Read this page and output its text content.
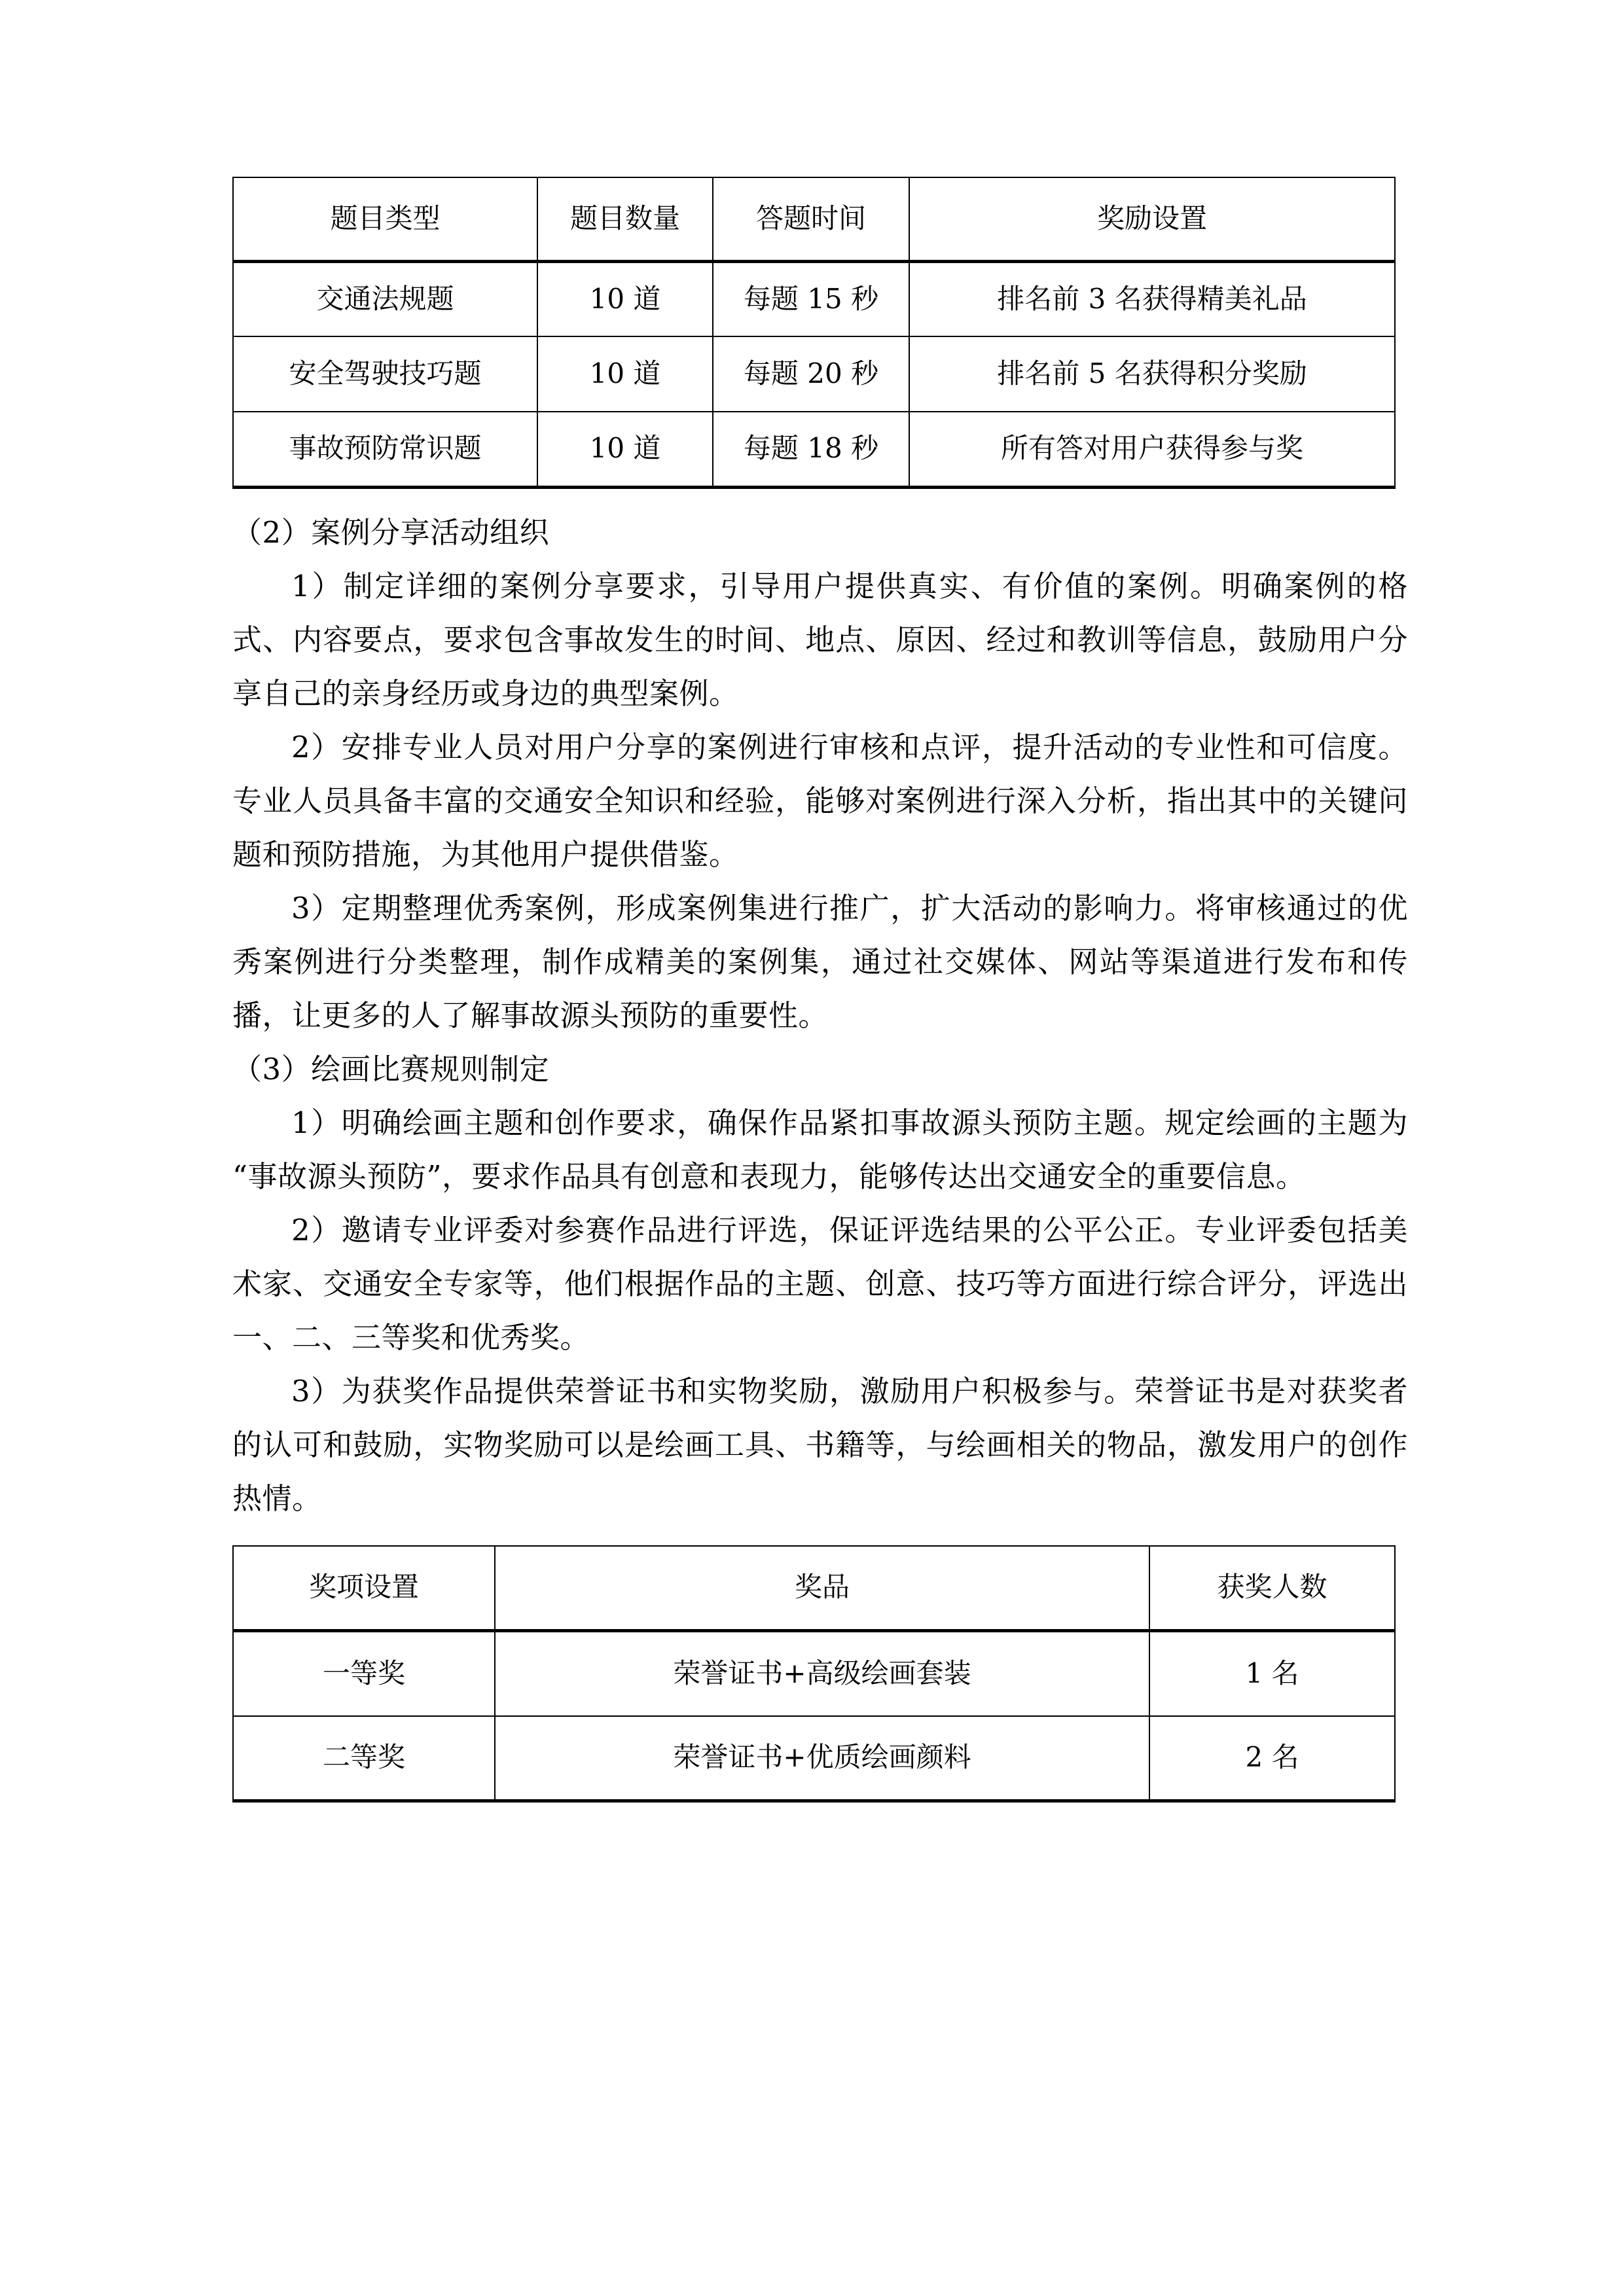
题目类型	题目数量	答题时间	奖励设置
交通法规题	10 道	每题 15 秒	排名前 3 名获得精美礼品
安全驾驶技巧题	10 道	每题 20 秒	排名前 5 名获得积分奖励
事故预防常识题	10 道	每题 18 秒	所有答对用户获得参与奖

（2）案例分享活动组织

1）制定详细的案例分享要求，引导用户提供真实、有价值的案例。明确案例的格式、内容要点，要求包含事故发生的时间、地点、原因、经过和教训等信息，鼓励用户分享自己的亲身经历或身边的典型案例。

2）安排专业人员对用户分享的案例进行审核和点评，提升活动的专业性和可信度。专业人员具备丰富的交通安全知识和经验，能够对案例进行深入分析，指出其中的关键问题和预防措施，为其他用户提供借鉴。

3）定期整理优秀案例，形成案例集进行推广，扩大活动的影响力。将审核通过的优秀案例进行分类整理，制作成精美的案例集，通过社交媒体、网站等渠道进行发布和传播，让更多的人了解事故源头预防的重要性。

（3）绘画比赛规则制定

1）明确绘画主题和创作要求，确保作品紧扣事故源头预防主题。规定绘画的主题为“事故源头预防”，要求作品具有创意和表现力，能够传达出交通安全的重要信息。

2）邀请专业评委对参赛作品进行评选，保证评选结果的公平公正。专业评委包括美术家、交通安全专家等，他们根据作品的主题、创意、技巧等方面进行综合评分，评选出一、二、三等奖和优秀奖。

3）为获奖作品提供荣誉证书和实物奖励，激励用户积极参与。荣誉证书是对获奖者的认可和鼓励，实物奖励可以是绘画工具、书籍等，与绘画相关的物品，激发用户的创作热情。

奖项设置	奖品	获奖人数
一等奖	荣誉证书+高级绘画套装	1 名
二等奖	荣誉证书+优质绘画颜料	2 名
